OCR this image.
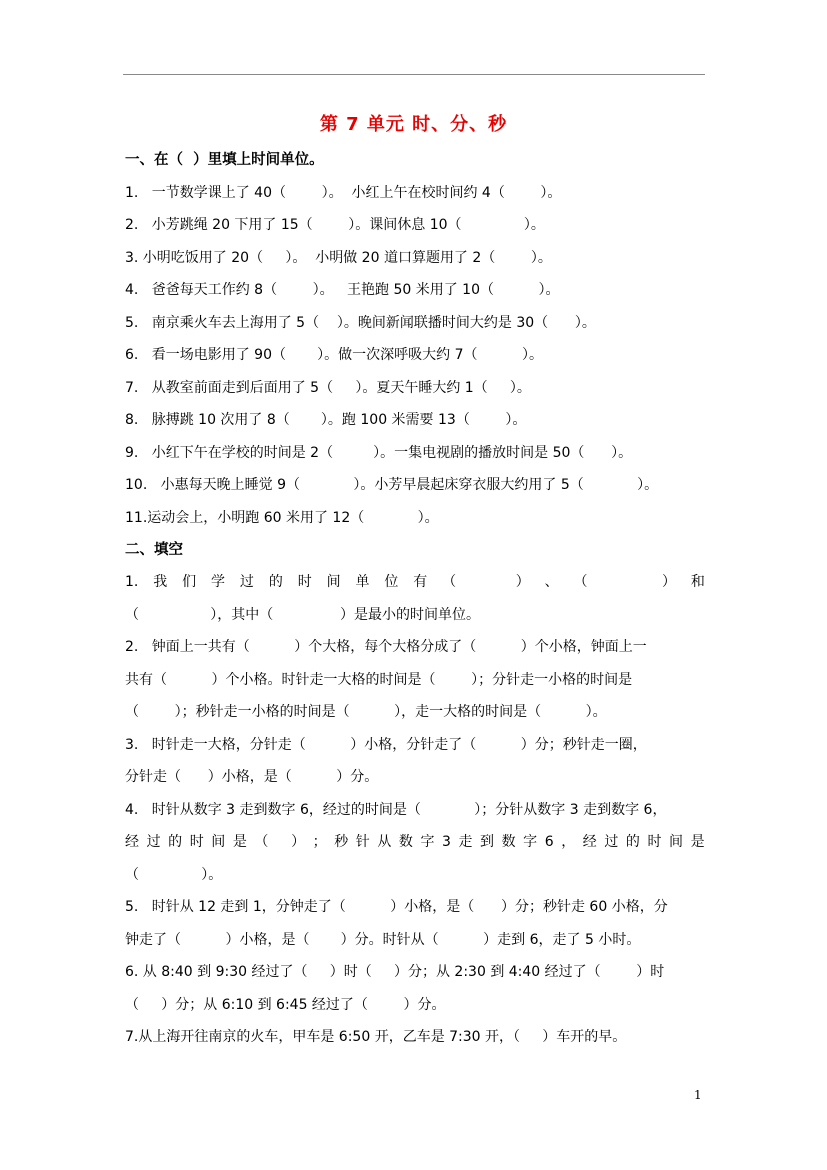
第 7 单元 时、分、秒
一、在（  ）里填上时间单位。
1.   一节数学课上了 40（        ）。  小红上午在校时间约 4（        ）。
2.   小芳跳绳 20 下用了 15（        ）。课间休息 10（              ）。
3. 小明吃饭用了 20（     ）。  小明做 20 道口算题用了 2（        ）。
4.   爸爸每天工作约 8（        ）。   王艳跑 50 米用了 10（          ）。
5.   南京乘火车去上海用了 5（    ）。晚间新闻联播时间大约是 30（      ）。
6.   看一场电影用了 90（       ）。做一次深呼吸大约 7（          ）。
7.   从教室前面走到后面用了 5（     ）。夏天午睡大约 1（     ）。
8.   脉搏跳 10 次用了 8（       ）。跑 100 米需要 13（        ）。
9.   小红下午在学校的时间是 2（         ）。一集电视剧的播放时间是 50（      ）。
10.   小惠每天晚上睡觉 9（            ）。小芳早晨起床穿衣服大约用了 5（            ）。
11.运动会上，小明跑 60 米用了 12（            ）。
二、填空
1. 我 们 学 过 的 时 间 单 位 有 （	） 、 （	） 和
（                ），其中（               ）是最小的时间单位。
2.   钟面上一共有（          ）个大格，每个大格分成了（          ）个小格，钟面上一
共有（          ）个小格。时针走一大格的时间是（        ）；分针走一小格的时间是
（        ）；秒针走一小格的时间是（          ），走一大格的时间是（          ）。
3.   时针走一大格，分针走（          ）小格，分针走了（          ）分；秒针走一圈，
分针走（      ）小格，是（          ）分。
4.   时针从数字 3 走到数字 6，经过的时间是（            ）；分针从数字 3 走到数字 6，
经 过 的 时 间 是 （ ） ； 秒 针 从 数 字 3 走 到 数 字 6 ， 经 过 的 时 间 是
（              ）。
5.   时针从 12 走到 1，分钟走了（          ）小格，是（      ）分；秒针走 60 小格，分
钟走了（          ）小格，是（       ）分。时针从（          ）走到 6，走了 5 小时。
6. 从 8:40 到 9:30 经过了（     ）时（     ）分；从 2:30 到 4:40 经过了（        ）时
（     ）分；从 6:10 到 6:45 经过了（        ）分。
7.从上海开往南京的火车，甲车是 6:50 开，乙车是 7:30 开，（     ）车开的早。
1
